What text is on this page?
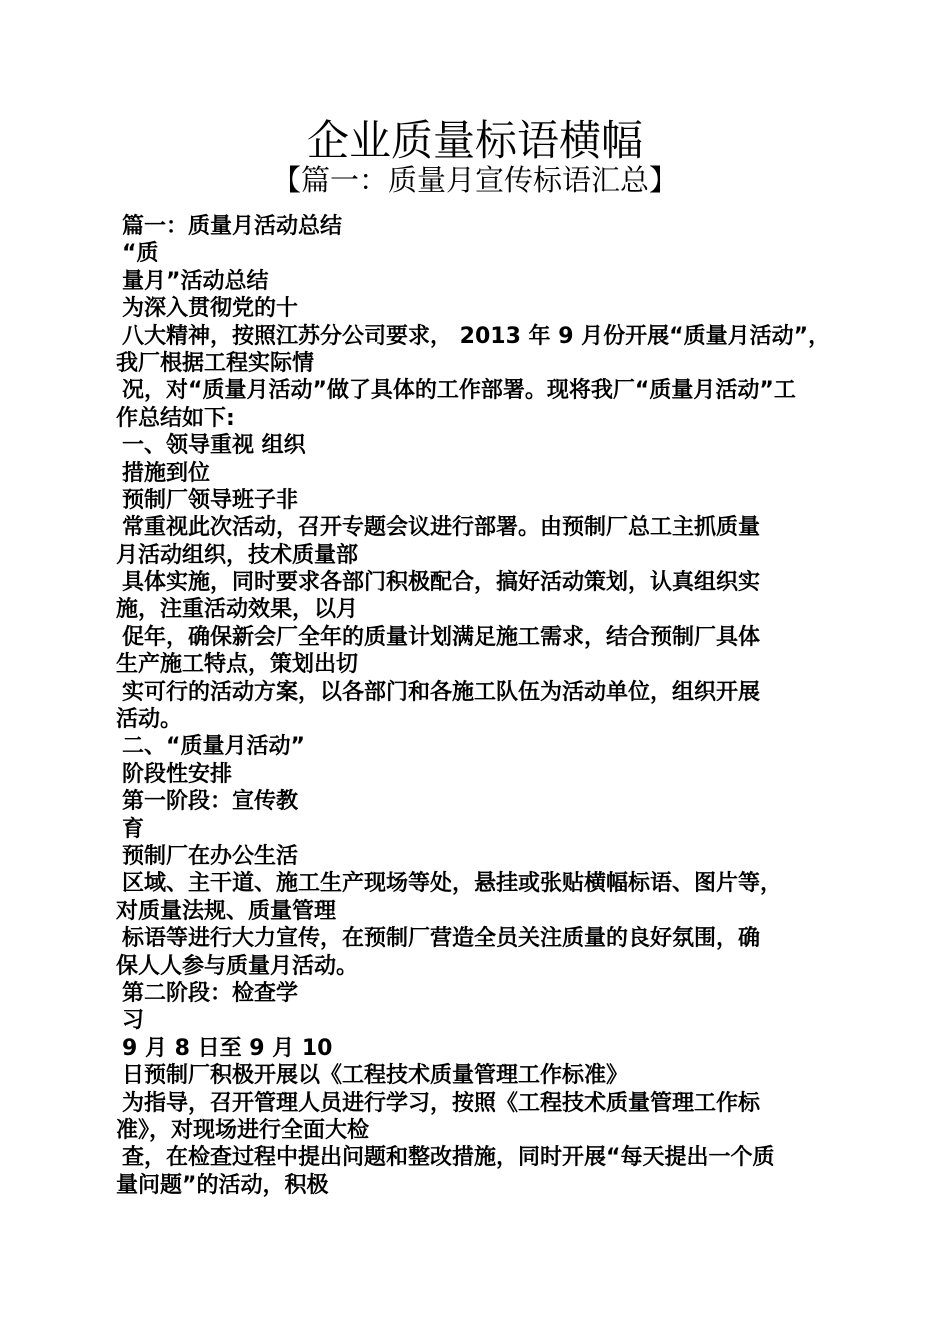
企业质量标语横幅
【篇一：质量月宣传标语汇总】
篇一：质量月活动总结
“质
量月”活动总结
为深入贯彻党的十
八大精神，按照江苏分公司要求， 2013 年 9 月份开展“质量月活动”，
我厂根据工程实际情
况，对“质量月活动”做了具体的工作部署。现将我厂“质量月活动”工
作总结如下:
一、领导重视 组织
措施到位
预制厂领导班子非
常重视此次活动，召开专题会议进行部署。由预制厂总工主抓质量
月活动组织，技术质量部
具体实施，同时要求各部门积极配合，搞好活动策划，认真组织实
施，注重活动效果，以月
促年，确保新会厂全年的质量计划满足施工需求，结合预制厂具体
生产施工特点，策划出切
实可行的活动方案，以各部门和各施工队伍为活动单位，组织开展
活动。
二、“质量月活动”
阶段性安排
第一阶段：宣传教
育
预制厂在办公生活
区域、主干道、施工生产现场等处，悬挂或张贴横幅标语、图片等，
对质量法规、质量管理
标语等进行大力宣传，在预制厂营造全员关注质量的良好氛围，确
保人人参与质量月活动。
第二阶段：检查学
习
9 月 8 日至 9 月 10
日预制厂积极开展以《工程技术质量管理工作标准》
为指导，召开管理人员进行学习，按照《工程技术质量管理工作标
准》，对现场进行全面大检
查，在检查过程中提出问题和整改措施，同时开展“每天提出一个质
量问题”的活动，积极
